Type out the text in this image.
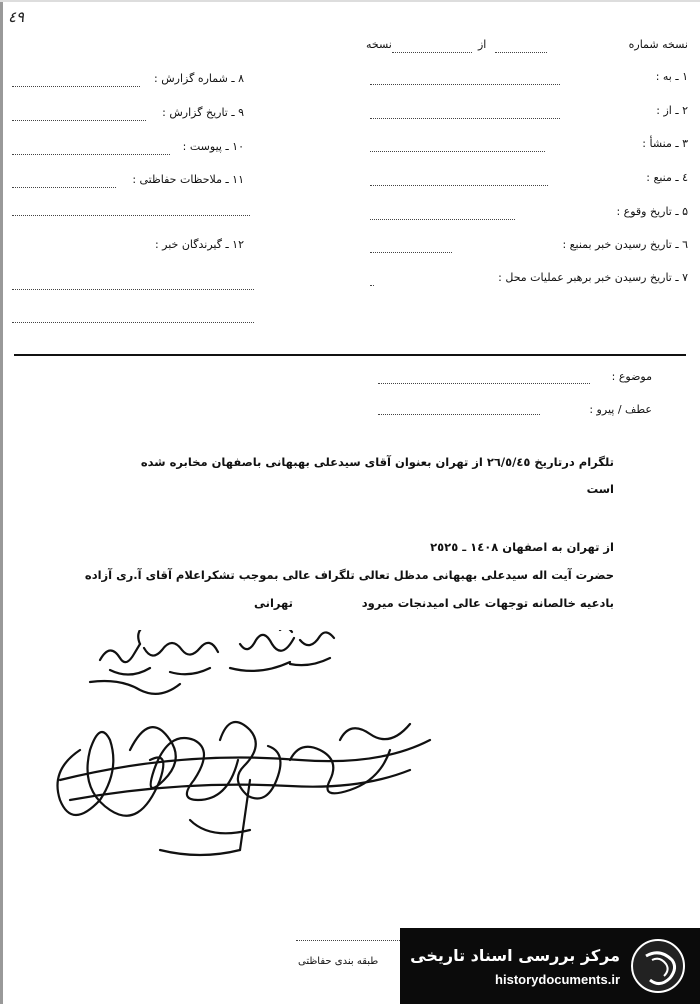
٤٩
نسخه شماره
از
نسخه
۱ ـ به :
۲ ـ از :
۳ ـ منشأ :
٤ ـ منبع :
۵ ـ تاریخ وقوع :
٦ ـ تاریخ رسیدن خبر بمنبع :
۷ ـ تاریخ رسیدن خبر برهبر عملیات محل :
۸ ـ شماره گزارش :
۹ ـ تاریخ گزارش :
۱۰ ـ پیوست :
۱۱ ـ ملاحظات حفاظتی :
۱۲ ـ گیرندگان خبر :
موضوع :
عطف / پیرو :
تلگرام درتاریخ ٢٦/٥/٤٥ از تهران بعنوان آقای سیدعلی بهبهانی باصفهان مخابره شده
است
از تهران به اصفهان ١٤٠٨ ـ ٢٥٢٥
حضرت آیت اله سیدعلی بهبهانی مدظل تعالی تلگراف عالی بموجب تشکراعلام آقای آ.ری آزاده
بادعیه خالصانه توجهات عالی امیدنجات میرود
تهرانی
طبقه بندی حفاظتی مرکز بررسی اسناد تاریخی
historydocuments.ir
